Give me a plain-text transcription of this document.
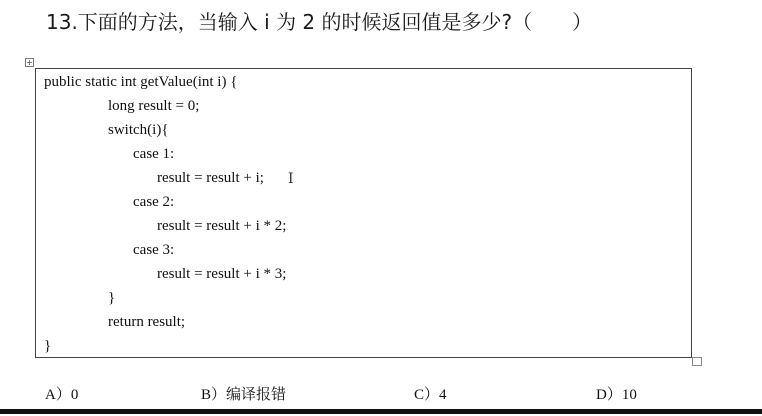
13.下面的方法，当输入 i 为 2 的时候返回值是多少?（　　）
public static int getValue(int i) {
long result = 0;
switch(i){
case 1:
result = result + i;
case 2:
result = result + i * 2;
case 3:
result = result + i * 3;
}
return result;
}
I
A）0	B）编译报错	C）4	D）10
